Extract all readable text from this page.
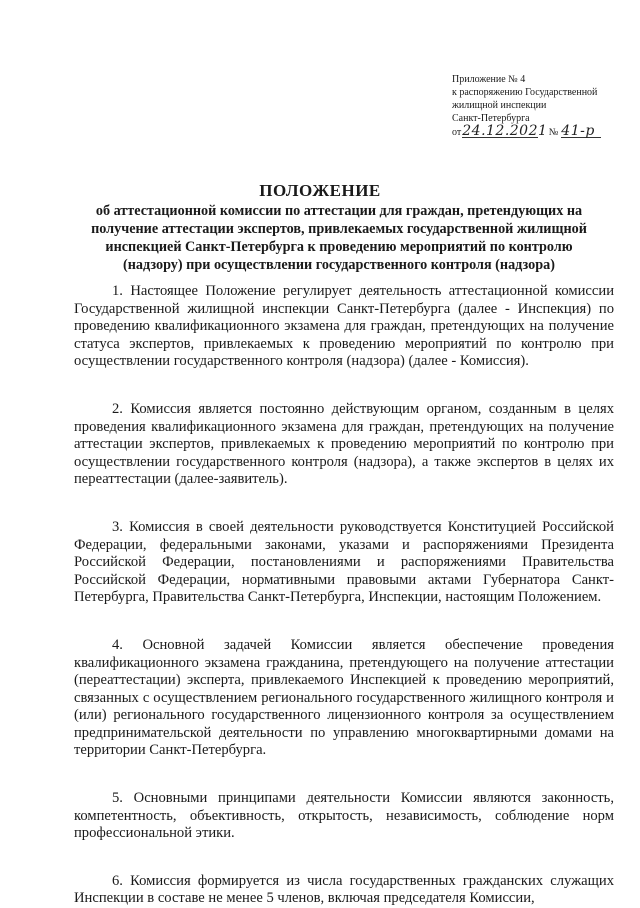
Приложение № 4
к распоряжению Государственной
жилищной инспекции
Санкт-Петербурга
от24.12.2021 № 41-р
ПОЛОЖЕНИЕ
об аттестационной комиссии по аттестации для граждан, претендующих на получение аттестации экспертов, привлекаемых государственной жилищной инспекцией Санкт-Петербурга к проведению мероприятий по контролю (надзору) при осуществлении государственного контроля (надзора)

1. Настоящее Положение регулирует деятельность аттестационной комиссии Государственной жилищной инспекции Санкт-Петербурга (далее - Инспекция) по проведению квалификационного экзамена для граждан, претендующих на получение статуса экспертов, привлекаемых к проведению мероприятий по контролю при осуществлении государственного контроля (надзора) (далее - Комиссия).

2. Комиссия является постоянно действующим органом, созданным в целях проведения квалификационного экзамена для граждан, претендующих на получение аттестации экспертов, привлекаемых к проведению мероприятий по контролю при осуществлении государственного контроля (надзора), а также экспертов в целях их переаттестации (далее-заявитель).

3. Комиссия в своей деятельности руководствуется Конституцией Российской Федерации, федеральными законами, указами и распоряжениями Президента Российской Федерации, постановлениями и распоряжениями Правительства Российской Федерации, нормативными правовыми актами Губернатора Санкт-Петербурга, Правительства Санкт-Петербурга, Инспекции, настоящим Положением.

4. Основной задачей Комиссии является обеспечение проведения квалификационного экзамена гражданина, претендующего на получение аттестации (переаттестации) эксперта, привлекаемого Инспекцией к проведению мероприятий, связанных с осуществлением регионального государственного жилищного контроля и (или) регионального государственного лицензионного контроля за осуществлением предпринимательской деятельности по управлению многоквартирными домами на территории Санкт-Петербурга.

5. Основными принципами деятельности Комиссии являются законность, компетентность, объективность, открытость, независимость, соблюдение норм профессиональной этики.

6. Комиссия формируется из числа государственных гражданских служащих Инспекции в составе не менее 5 членов, включая председателя Комиссии,
